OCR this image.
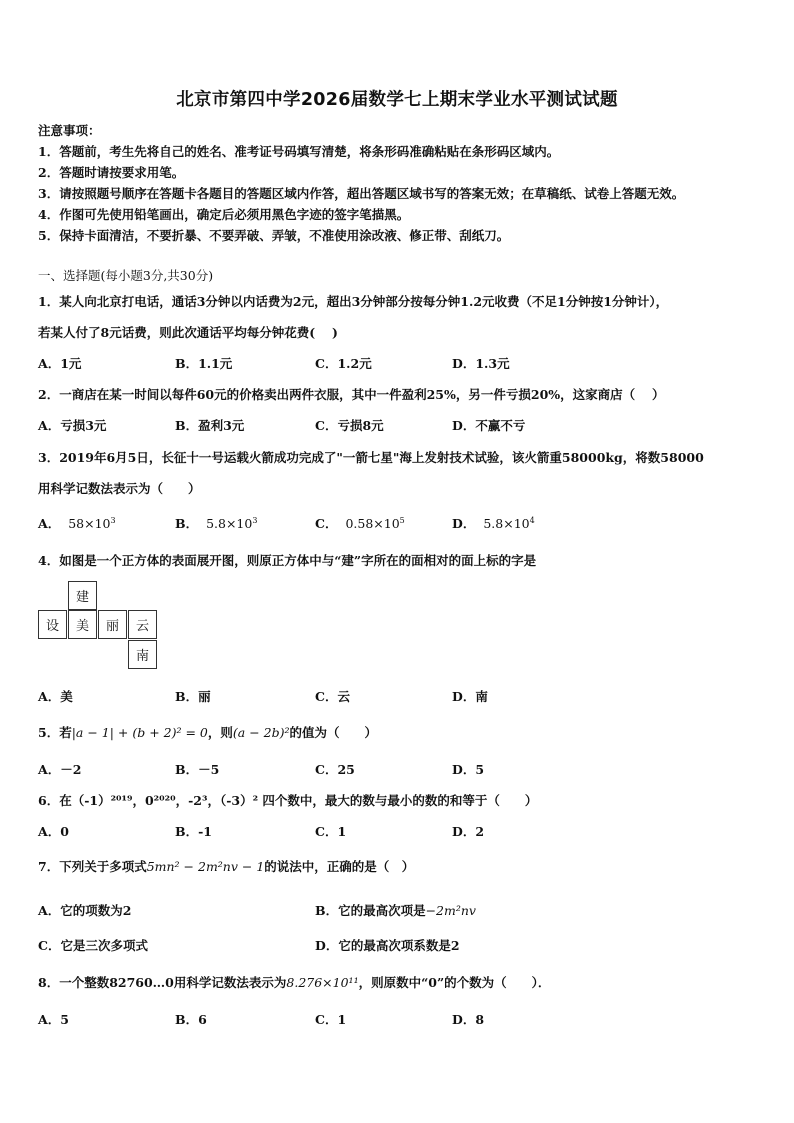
北京市第四中学2026届数学七上期末学业水平测试试题
注意事项：
1．答题前，考生先将自己的姓名、准考证号码填写清楚，将条形码准确粘贴在条形码区域内。
2．答题时请按要求用笔。
3．请按照题号顺序在答题卡各题目的答题区域内作答，超出答题区域书写的答案无效；在草稿纸、试卷上答题无效。
4．作图可先使用铅笔画出，确定后必须用黑色字迹的签字笔描黑。
5．保持卡面清洁，不要折暴、不要弄破、弄皱，不准使用涂改液、修正带、刮纸刀。
一、选择题(每小题3分,共30分)
1．某人向北京打电话，通话3分钟以内话费为2元，超出3分钟部分按每分钟1.2元收费（不足1分钟按1分钟计），
若某人付了8元话费，则此次通话平均每分钟花费(　 )
A．1元	B．1.1元	C．1.2元	D．1.3元
2．一商店在某一时间以每件60元的价格卖出两件衣服，其中一件盈利25%，另一件亏损20%，这家商店（　 ）
A．亏损3元	B．盈利3元	C．亏损8元	D．不赢不亏
3．2019年6月5日，长征十一号运载火箭成功完成了"一箭七星"海上发射技术试验，该火箭重58000kg，将数58000
用科学记数法表示为（　　）
A． $58\times 10^3$	B． $5.8\times 10^3$	C． $0.58\times 10^5$	D． $5.8\times 10^4$
4．如图是一个正方体的表面展开图，则原正方体中与“建”字所在的面相对的面上标的字是
建
设	美	丽	云
南
A．美	B．丽	C．云	D．南
5．若|a − 1| + (b + 2)² = 0，则(a − 2b)²的值为（　　）
A．－2	B．－5	C．25	D．5
6．在（-1）²⁰¹⁹，0²⁰²⁰，-2³，（-3）² 四个数中，最大的数与最小的数的和等于（　　）
A．0	B．-1	C．1	D．2
7．下列关于多项式5mn² − 2m²nv − 1的说法中，正确的是（　）
A．它的项数为2	B．它的最高次项是−2m²nv
C．它是三次多项式	D．它的最高次项系数是2
8．一个整数82760…0用科学记数法表示为8.276×10¹¹，则原数中“0”的个数为（　　）．
A．5	B．6	C．1	D．8
